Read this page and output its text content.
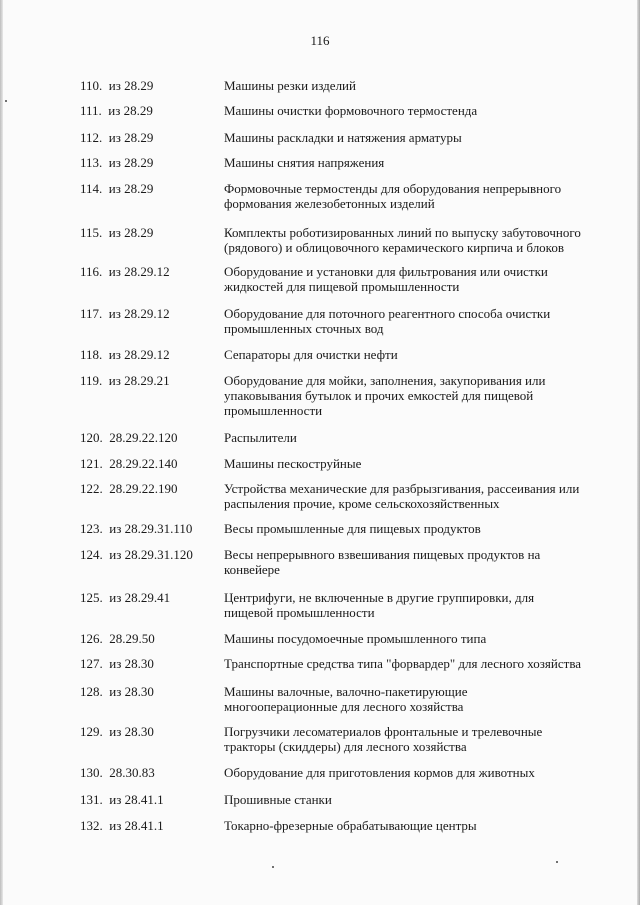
116
110. из 28.29	Машины резки изделий
111. из 28.29	Машины очистки формовочного термостенда
112. из 28.29	Машины раскладки и натяжения арматуры
113. из 28.29	Машины снятия напряжения
114. из 28.29	Формовочные термостенды для оборудования непрерывного
формования железобетонных изделий
115. из 28.29	Комплекты роботизированных линий по выпуску забутовочного
(рядового) и облицовочного керамического кирпича и блоков
116. из 28.29.12	Оборудование и установки для фильтрования или очистки
жидкостей для пищевой промышленности
117. из 28.29.12	Оборудование для поточного реагентного способа очистки
промышленных сточных вод
118. из 28.29.12	Сепараторы для очистки нефти
119. из 28.29.21	Оборудование для мойки, заполнения, закупоривания или
упаковывания бутылок и прочих емкостей для пищевой
промышленности
120. 28.29.22.120	Распылители
121. 28.29.22.140	Машины пескоструйные
122. 28.29.22.190	Устройства механические для разбрызгивания, рассеивания или
распыления прочие, кроме сельскохозяйственных
123. из 28.29.31.110 Весы промышленные для пищевых продуктов
124. из 28.29.31.120 Весы непрерывного взвешивания пищевых продуктов на
конвейере
125. из 28.29.41	Центрифуги, не включенные в другие группировки, для
пищевой промышленности
126. 28.29.50	Машины посудомоечные промышленного типа
127. из 28.30	Транспортные средства типа "форвардер" для лесного хозяйства
128. из 28.30	Машины валочные, валочно-пакетирующие
многооперационные для лесного хозяйства
129. из 28.30	Погрузчики лесоматериалов фронтальные и трелевочные
тракторы (скиддеры) для лесного хозяйства
130. 28.30.83	Оборудование для приготовления кормов для животных
131. из 28.41.1	Прошивные станки
132. из 28.41.1	Токарно-фрезерные обрабатывающие центры
